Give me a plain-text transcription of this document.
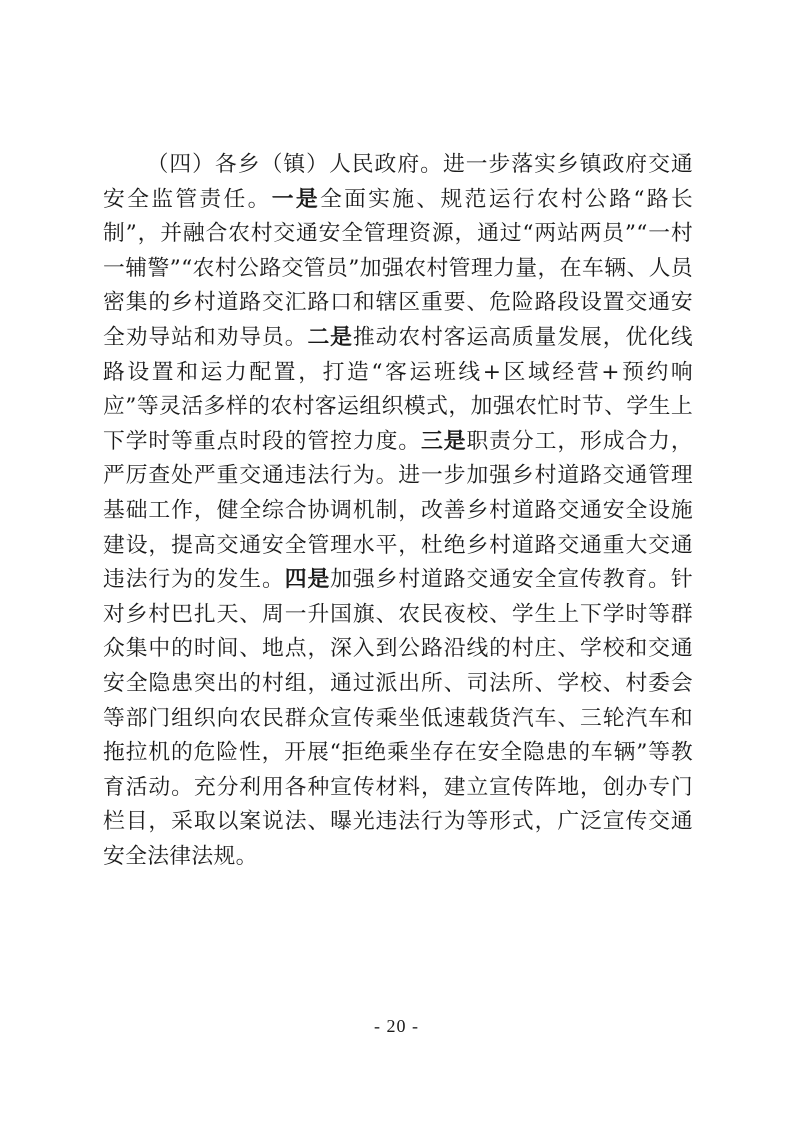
（四）各乡（镇）人民政府。进一步落实乡镇政府交通安全监管责任。一是全面实施、规范运行农村公路“路长制”，并融合农村交通安全管理资源，通过“两站两员”“一村一辅警”“农村公路交管员”加强农村管理力量，在车辆、人员密集的乡村道路交汇路口和辖区重要、危险路段设置交通安全劝导站和劝导员。二是推动农村客运高质量发展，优化线路设置和运力配置，打造“客运班线+区域经营+预约响应”等灵活多样的农村客运组织模式，加强农忙时节、学生上下学时等重点时段的管控力度。三是职责分工，形成合力，严厉查处严重交通违法行为。进一步加强乡村道路交通管理基础工作，健全综合协调机制，改善乡村道路交通安全设施建设，提高交通安全管理水平，杜绝乡村道路交通重大交通违法行为的发生。四是加强乡村道路交通安全宣传教育。针对乡村巴扎天、周一升国旗、农民夜校、学生上下学时等群众集中的时间、地点，深入到公路沿线的村庄、学校和交通安全隐患突出的村组，通过派出所、司法所、学校、村委会等部门组织向农民群众宣传乘坐低速载货汽车、三轮汽车和拖拉机的危险性，开展“拒绝乘坐存在安全隐患的车辆”等教育活动。充分利用各种宣传材料，建立宣传阵地，创办专门栏目，采取以案说法、曝光违法行为等形式，广泛宣传交通安全法律法规。

- 20 -
